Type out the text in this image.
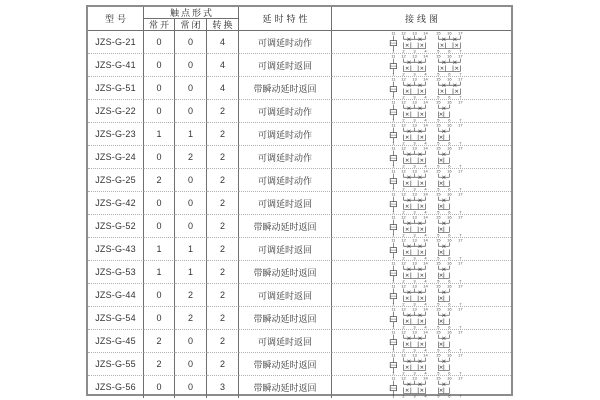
型号
触点形式
常开	常闭	转换
延时特性	接线图
JZS-G-21	0	0	4	可调延时动作
11 12 13 14 15 16 17
1 2 3 4 5 6 7
JZS-G-41	0	0	4	可调延时返回
11 12 13 14 15 16 17
1 2 3 4 5 6 7
JZS-G-51	0	0	4	带瞬动延时返回
11 12 13 14 15 16 17
1 2 3 4 5 6 7
JZS-G-22	0	0	2	可调延时动作
11 12 13 14 15 16 17
1 2 3 4 5 6 7
JZS-G-23	1	1	2	可调延时动作
11 12 13 14 15 16 17
1 2 3 4 5 6 7
JZS-G-24	0	2	2	可调延时动作
11 12 13 14 15 16 17
1 2 3 4 5 6 7
JZS-G-25	2	0	2	可调延时动作
11 12 13 14 15 16 17
1 2 3 4 5 6 7
JZS-G-42	0	0	2	可调延时返回
11 12 13 14 15 16 17
1 2 3 4 5 6 7
JZS-G-52	0	0	2	带瞬动延时返回
11 12 13 14 15 16 17
1 2 3 4 5 6 7
JZS-G-43	1	1	2	可调延时返回
11 12 13 14 15 16 17
1 2 3 4 5 6 7
JZS-G-53	1	1	2	带瞬动延时返回
11 12 13 14 15 16 17
1 2 3 4 5 6 7
JZS-G-44	0	2	2	可调延时返回
11 12 13 14 15 16 17
1 2 3 4 5 6 7
JZS-G-54	0	2	2	带瞬动延时返回
11 12 13 14 15 16 17
1 2 3 4 5 6 7
JZS-G-45	2	0	2	可调延时返回
11 12 13 14 15 16 17
1 2 3 4 5 6 7
JZS-G-55	2	0	2	带瞬动延时返回
11 12 13 14 15 16 17
1 2 3 4 5 6 7
JZS-G-56	0	0	3	带瞬动延时返回
11 12 13 14 15 16 17
1 2 3 4 5 6 7
